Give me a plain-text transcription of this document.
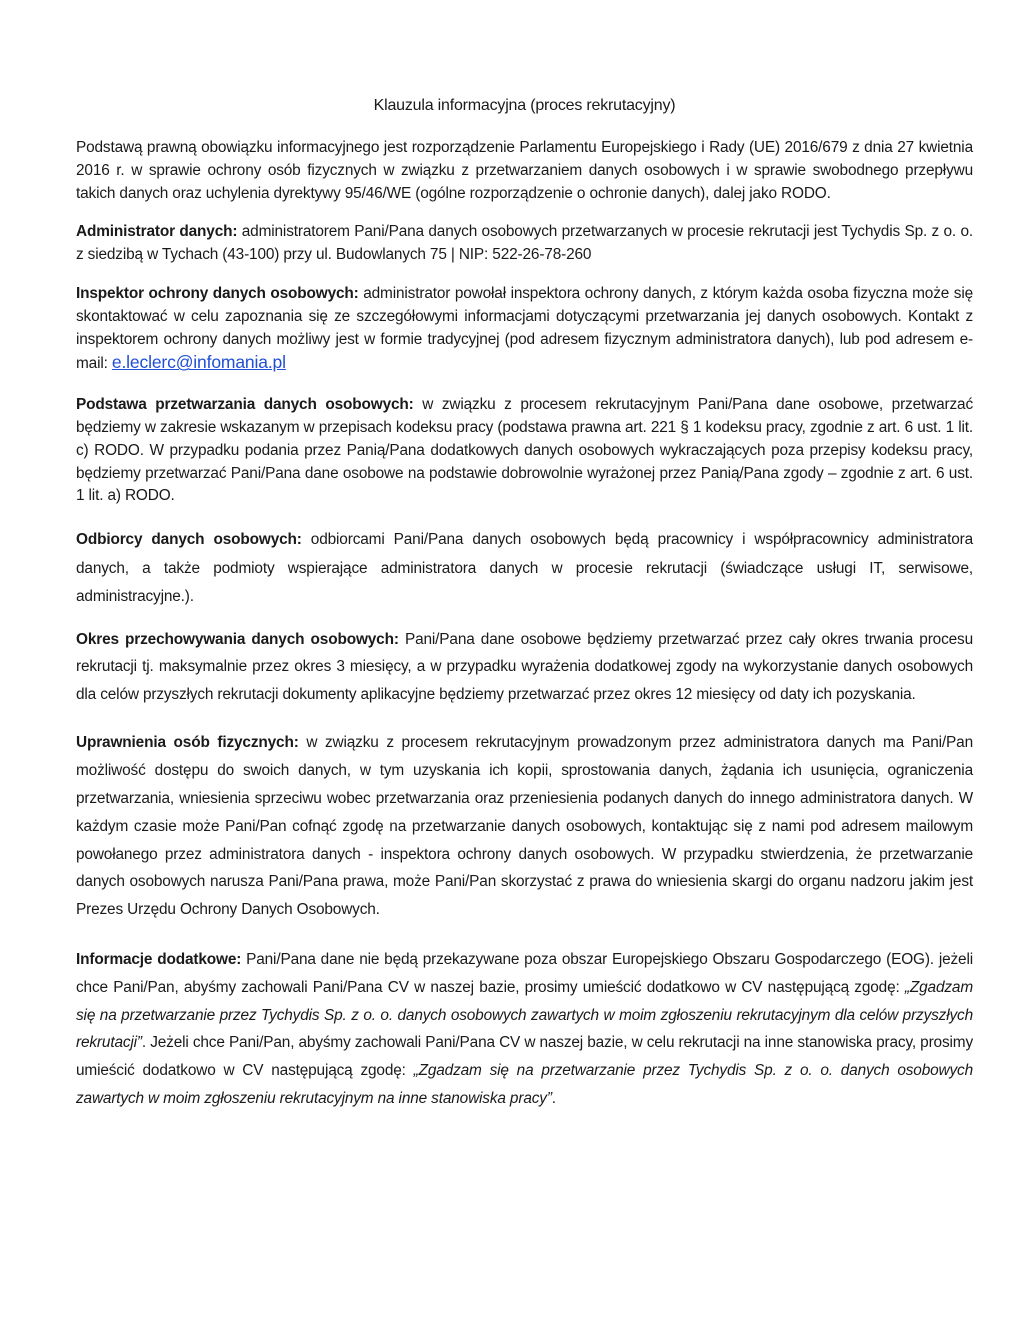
Klauzula informacyjna (proces rekrutacyjny)

Podstawą prawną obowiązku informacyjnego jest rozporządzenie Parlamentu Europejskiego i Rady (UE) 2016/679 z dnia 27 kwietnia 2016 r. w sprawie ochrony osób fizycznych w związku z przetwarzaniem danych osobowych i w sprawie swobodnego przepływu takich danych oraz uchylenia dyrektywy 95/46/WE (ogólne rozporządzenie o ochronie danych), dalej jako RODO.

Administrator danych: administratorem Pani/Pana danych osobowych przetwarzanych w procesie rekrutacji jest Tychydis Sp. z o. o. z siedzibą w Tychach (43-100) przy ul. Budowlanych 75 | NIP: 522-26-78-260

Inspektor ochrony danych osobowych: administrator powołał inspektora ochrony danych, z którym każda osoba fizyczna może się skontaktować w celu zapoznania się ze szczegółowymi informacjami dotyczącymi przetwarzania jej danych osobowych. Kontakt z inspektorem ochrony danych możliwy jest w formie tradycyjnej (pod adresem fizycznym administratora danych), lub pod adresem e-mail: e.leclerc@infomania.pl

Podstawa przetwarzania danych osobowych: w związku z procesem rekrutacyjnym Pani/Pana dane osobowe, przetwarzać będziemy w zakresie wskazanym w przepisach kodeksu pracy (podstawa prawna art. 221 § 1 kodeksu pracy, zgodnie z art. 6 ust. 1 lit. c) RODO. W przypadku podania przez Panią/Pana dodatkowych danych osobowych wykraczających poza przepisy kodeksu pracy, będziemy przetwarzać Pani/Pana dane osobowe na podstawie dobrowolnie wyrażonej przez Panią/Pana zgody – zgodnie z art. 6 ust. 1 lit. a) RODO.

Odbiorcy danych osobowych: odbiorcami Pani/Pana danych osobowych będą pracownicy i współpracownicy administratora danych, a także podmioty wspierające administratora danych w procesie rekrutacji (świadczące usługi IT, serwisowe, administracyjne.).

Okres przechowywania danych osobowych: Pani/Pana dane osobowe będziemy przetwarzać przez cały okres trwania procesu rekrutacji tj. maksymalnie przez okres 3 miesięcy, a w przypadku wyrażenia dodatkowej zgody na wykorzystanie danych osobowych dla celów przyszłych rekrutacji dokumenty aplikacyjne będziemy przetwarzać przez okres 12 miesięcy od daty ich pozyskania.

Uprawnienia osób fizycznych: w związku z procesem rekrutacyjnym prowadzonym przez administratora danych ma Pani/Pan możliwość dostępu do swoich danych, w tym uzyskania ich kopii, sprostowania danych, żądania ich usunięcia, ograniczenia przetwarzania, wniesienia sprzeciwu wobec przetwarzania oraz przeniesienia podanych danych do innego administratora danych. W każdym czasie może Pani/Pan cofnąć zgodę na przetwarzanie danych osobowych, kontaktując się z nami pod adresem mailowym powołanego przez administratora danych - inspektora ochrony danych osobowych. W przypadku stwierdzenia, że przetwarzanie danych osobowych narusza Pani/Pana prawa, może Pani/Pan skorzystać z prawa do wniesienia skargi do organu nadzoru jakim jest Prezes Urzędu Ochrony Danych Osobowych.

Informacje dodatkowe: Pani/Pana dane nie będą przekazywane poza obszar Europejskiego Obszaru Gospodarczego (EOG). jeżeli chce Pani/Pan, abyśmy zachowali Pani/Pana CV w naszej bazie, prosimy umieścić dodatkowo w CV następującą zgodę: „Zgadzam się na przetwarzanie przez Tychydis Sp. z o. o. danych osobowych zawartych w moim zgłoszeniu rekrutacyjnym dla celów przyszłych rekrutacji”. Jeżeli chce Pani/Pan, abyśmy zachowali Pani/Pana CV w naszej bazie, w celu rekrutacji na inne stanowiska pracy, prosimy umieścić dodatkowo w CV następującą zgodę: „Zgadzam się na przetwarzanie przez Tychydis Sp. z o. o. danych osobowych zawartych w moim zgłoszeniu rekrutacyjnym na inne stanowiska pracy”.
